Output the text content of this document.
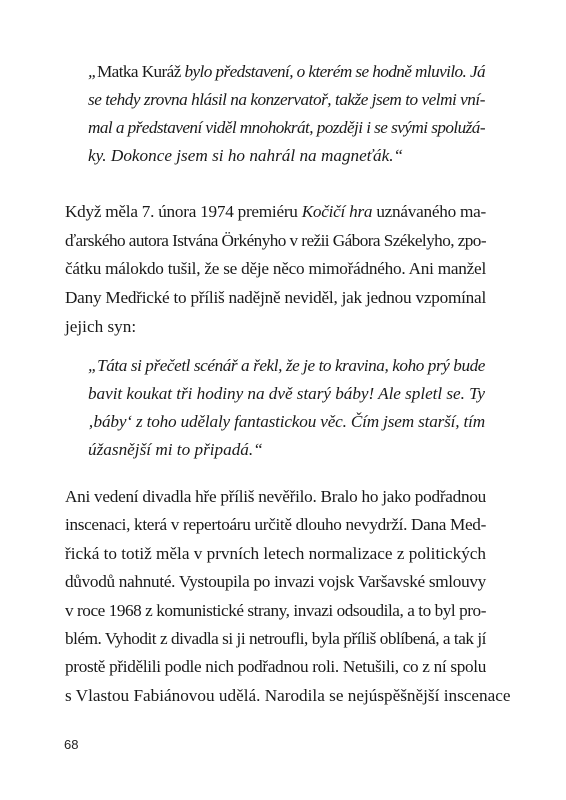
„Matka Kuráž bylo představení, o kterém se hodně mluvilo. Já
se tehdy zrovna hlásil na konzervatoř, takže jsem to velmi vní-
mal a představení viděl mnohokrát, později i se svými spolužá-
ky. Dokonce jsem si ho nahrál na magneťák.“
Když měla 7. února 1974 premiéru Kočičí hra uznávaného ma-
ďarského autora Istvána Örkényho v režii Gábora Székelyho, zpo-
čátku málokdo tušil, že se děje něco mimořádného. Ani manžel
Dany Medřické to příliš nadějně neviděl, jak jednou vzpomínal
jejich syn:
„Táta si přečetl scénář a řekl, že je to kravina, koho prý bude
bavit koukat tři hodiny na dvě starý báby! Ale spletl se. Ty
‚báby‘ z toho udělaly fantastickou věc. Čím jsem starší, tím
úžasnější mi to připadá.“
Ani vedení divadla hře příliš nevěřilo. Bralo ho jako podřadnou
inscenaci, která v repertoáru určitě dlouho nevydrží. Dana Med-
řická to totiž měla v prvních letech normalizace z politických
důvodů nahnuté. Vystoupila po invazi vojsk Varšavské smlouvy
v roce 1968 z komunistické strany, invazi odsoudila, a to byl pro-
blém. Vyhodit z divadla si ji netroufli, byla příliš oblíbená, a tak jí
prostě přidělili podle nich podřadnou roli. Netušili, co z ní spolu
s Vlastou Fabiánovou udělá. Narodila se nejúspěšnější inscenace
68
